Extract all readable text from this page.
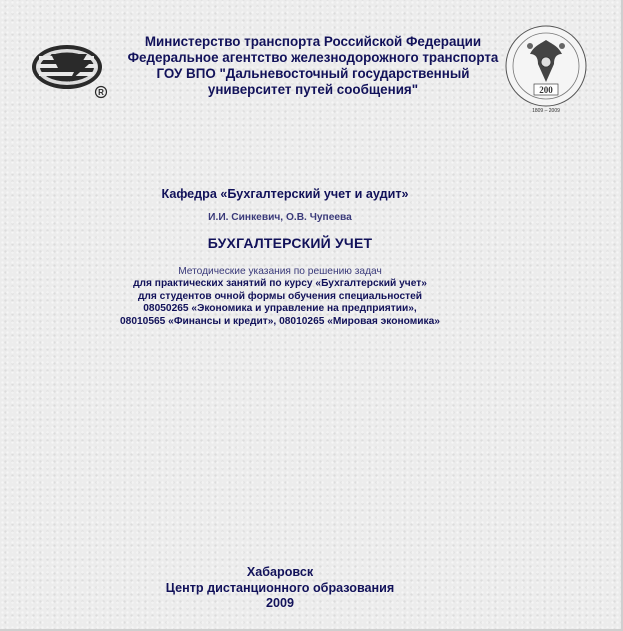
R	200
1809 – 2009
Министерство транспорта Российской Федерации
Федеральное агентство железнодорожного транспорта
ГОУ ВПО "Дальневосточный государственный
университет путей сообщения"
Кафедра «Бухгалтерский учет и аудит»
И.И. Синкевич, О.В. Чупеева
БУХГАЛТЕРСКИЙ УЧЕТ
Методические указания по решению задач
для практических занятий по курсу «Бухгалтерский учет»
для студентов очной формы обучения специальностей
08050265 «Экономика и управление на предприятии»,
08010565 «Финансы и кредит», 08010265 «Мировая экономика»
Хабаровск
Центр дистанционного образования
2009
